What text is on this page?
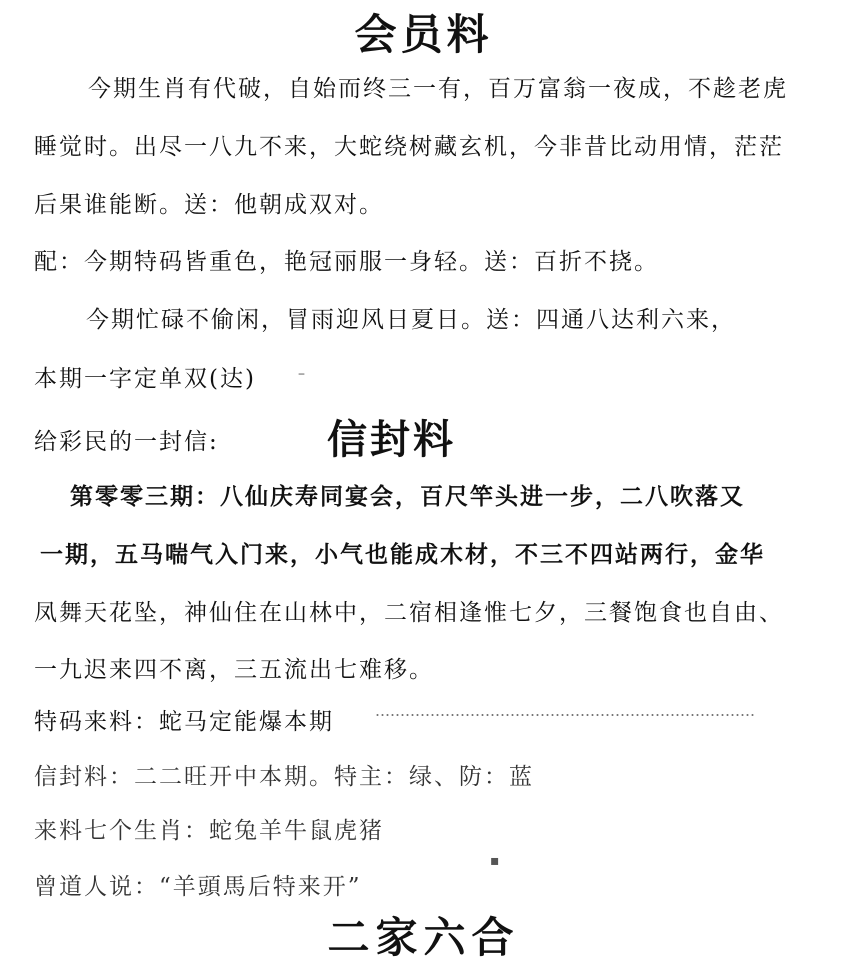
会员料

今期生肖有代破，自始而终三一有，百万富翁一夜成，不趁老虎

睡觉时。出尽一八九不来，大蛇绕树藏玄机，今非昔比动用情，茫茫

后果谁能断。送：他朝成双对。

配：今期特码皆重色，艳冠丽服一身轻。送：百折不挠。

今期忙碌不偷闲，冒雨迎风日夏日。送：四通八达利六来，

本期一字定单双(达)	–

给彩民的一封信:	信封料

第零零三期：八仙庆寿同宴会，百尺竿头进一步，二八吹落又

一期，五马喘气入门来，小气也能成木材，不三不四站两行，金华

凤舞天花坠，神仙住在山林中，二宿相逢惟七夕，三餐饱食也自由、

一九迟来四不离，三五流出七难移。

特码来料：蛇马定能爆本期

信封料：二二旺开中本期。特主：绿、防：蓝

来料七个生肖：蛇兔羊牛鼠虎猪

曾道人说：“羊頭馬后特来开”

▪
二家六合
